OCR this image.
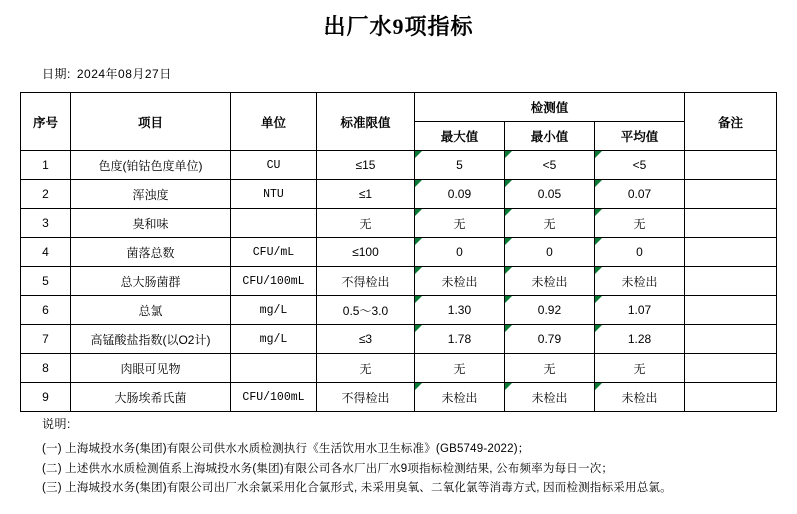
出厂水9项指标
日期: 2024年08月27日
序号	项目	单位	标准限值	检测值			备注
				最大值	最小值	平均值	
1	色度(铂钴色度单位)	CU	≤15	5	<5	<5	
2	浑浊度	NTU	≤1	0.09	0.05	0.07	
3	臭和味		无	无	无	无	
4	菌落总数	CFU/mL	≤100	0	0	0	
5	总大肠菌群	CFU/100mL	不得检出	未检出	未检出	未检出	
6	总氯	mg/L	0.5～3.0	1.30	0.92	1.07	
7	高锰酸盐指数(以O2计)	mg/L	≤3	1.78	0.79	1.28	
8	肉眼可见物		无	无	无	无	
9	大肠埃希氏菌	CFU/100mL	不得检出	未检出	未检出	未检出	
说明:
(一) 上海城投水务(集团)有限公司供水水质检测执行《生活饮用水卫生标准》(GB5749-2022)；
(二) 上述供水水质检测值系上海城投水务(集团)有限公司各水厂出厂水9项指标检测结果, 公布频率为每日一次；
(三) 上海城投水务(集团)有限公司出厂水余氯采用化合氯形式, 未采用臭氧、二氧化氯等消毒方式, 因而检测指标采用总氯。
